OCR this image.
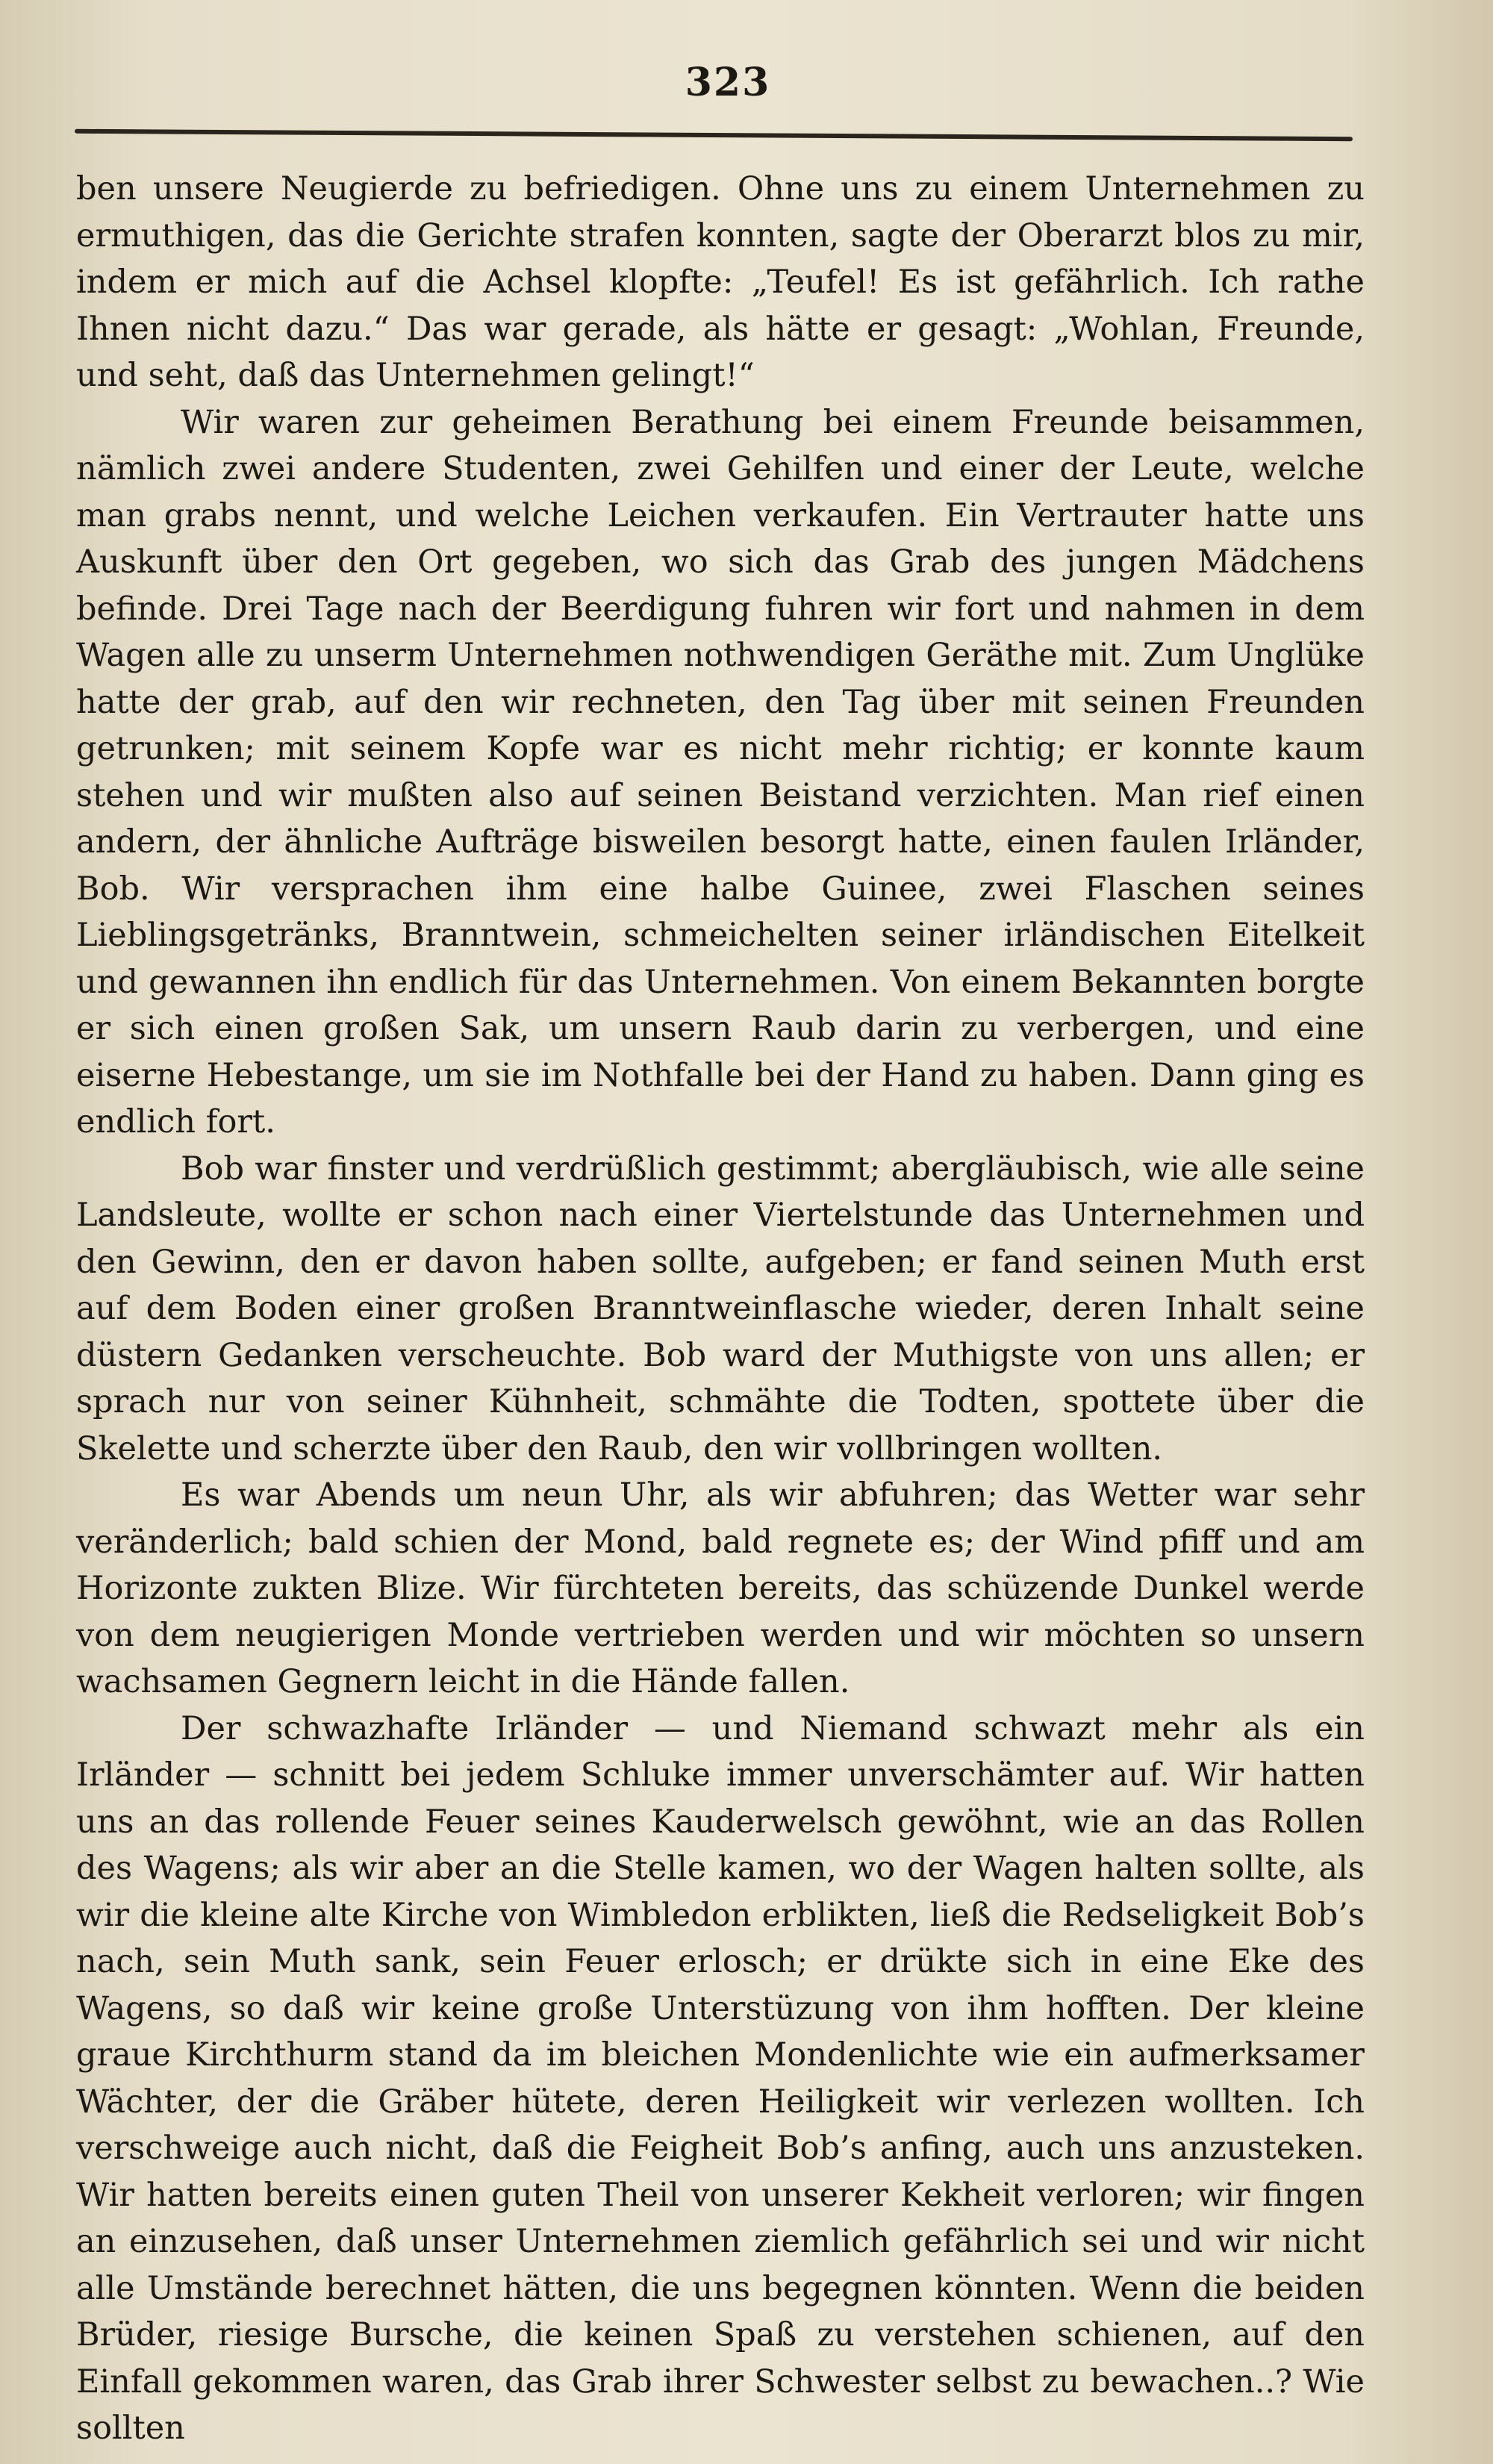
323

ben unsere Neugierde zu befriedigen. Ohne uns zu einem Unternehmen zu ermuthigen, das die Gerichte strafen konnten, sagte der Oberarzt blos zu mir, indem er mich auf die Achsel klopfte: „Teufel! Es ist gefährlich. Ich rathe Ihnen nicht dazu.“ Das war gerade, als hätte er gesagt: „Wohlan, Freunde, und seht, daß das Unternehmen gelingt!“

Wir waren zur geheimen Berathung bei einem Freunde beisammen, nämlich zwei andere Studenten, zwei Gehilfen und einer der Leute, welche man grabs nennt, und welche Leichen verkaufen. Ein Vertrauter hatte uns Auskunft über den Ort gegeben, wo sich das Grab des jungen Mädchens befinde. Drei Tage nach der Beerdigung fuhren wir fort und nahmen in dem Wagen alle zu unserm Unternehmen nothwendigen Geräthe mit. Zum Unglüke hatte der grab, auf den wir rechneten, den Tag über mit seinen Freunden getrunken; mit seinem Kopfe war es nicht mehr richtig; er konnte kaum stehen und wir mußten also auf seinen Beistand verzichten. Man rief einen andern, der ähnliche Aufträge bisweilen besorgt hatte, einen faulen Irländer, Bob. Wir versprachen ihm eine halbe Guinee, zwei Flaschen seines Lieblingsgetränks, Branntwein, schmeichelten seiner irländischen Eitelkeit und gewannen ihn endlich für das Unternehmen. Von einem Bekannten borgte er sich einen großen Sak, um unsern Raub darin zu verbergen, und eine eiserne Hebestange, um sie im Nothfalle bei der Hand zu haben. Dann ging es endlich fort.

Bob war finster und verdrüßlich gestimmt; abergläubisch, wie alle seine Landsleute, wollte er schon nach einer Viertelstunde das Unternehmen und den Gewinn, den er davon haben sollte, aufgeben; er fand seinen Muth erst auf dem Boden einer großen Branntweinflasche wieder, deren Inhalt seine düstern Gedanken verscheuchte. Bob ward der Muthigste von uns allen; er sprach nur von seiner Kühnheit, schmähte die Todten, spottete über die Skelette und scherzte über den Raub, den wir vollbringen wollten.

Es war Abends um neun Uhr, als wir abfuhren; das Wetter war sehr veränderlich; bald schien der Mond, bald regnete es; der Wind pfiff und am Horizonte zukten Blize. Wir fürchteten bereits, das schüzende Dunkel werde von dem neugierigen Monde vertrieben werden und wir möchten so unsern wachsamen Gegnern leicht in die Hände fallen.

Der schwazhafte Irländer — und Niemand schwazt mehr als ein Irländer — schnitt bei jedem Schluke immer unverschämter auf. Wir hatten uns an das rollende Feuer seines Kauderwelsch gewöhnt, wie an das Rollen des Wagens; als wir aber an die Stelle kamen, wo der Wagen halten sollte, als wir die kleine alte Kirche von Wimbledon erblikten, ließ die Redseligkeit Bob’s nach, sein Muth sank, sein Feuer erlosch; er drükte sich in eine Eke des Wagens, so daß wir keine große Unterstüzung von ihm hofften. Der kleine graue Kirchthurm stand da im bleichen Mondenlichte wie ein aufmerksamer Wächter, der die Gräber hütete, deren Heiligkeit wir verlezen wollten. Ich verschweige auch nicht, daß die Feigheit Bob’s anfing, auch uns anzusteken. Wir hatten bereits einen guten Theil von unserer Kekheit verloren; wir fingen an einzusehen, daß unser Unternehmen ziemlich gefährlich sei und wir nicht alle Umstände berechnet hätten, die uns begegnen könnten. Wenn die beiden Brüder, riesige Bursche, die keinen Spaß zu verstehen schienen, auf den Einfall gekommen waren, das Grab ihrer Schwester selbst zu bewachen..? Wie sollten
